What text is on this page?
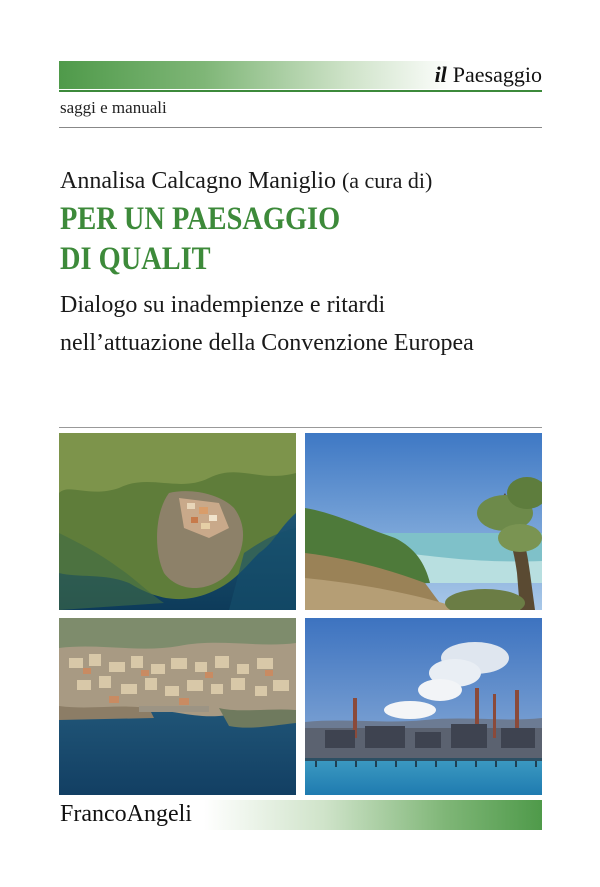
il Paesaggio
saggi e manuali
Annalisa Calcagno Maniglio (a cura di)
PER UN PAESAGGIO
DI QUALIT
Dialogo su inadempienze e ritardi
nell’attuazione della Convenzione Europea
FrancoAngeli
